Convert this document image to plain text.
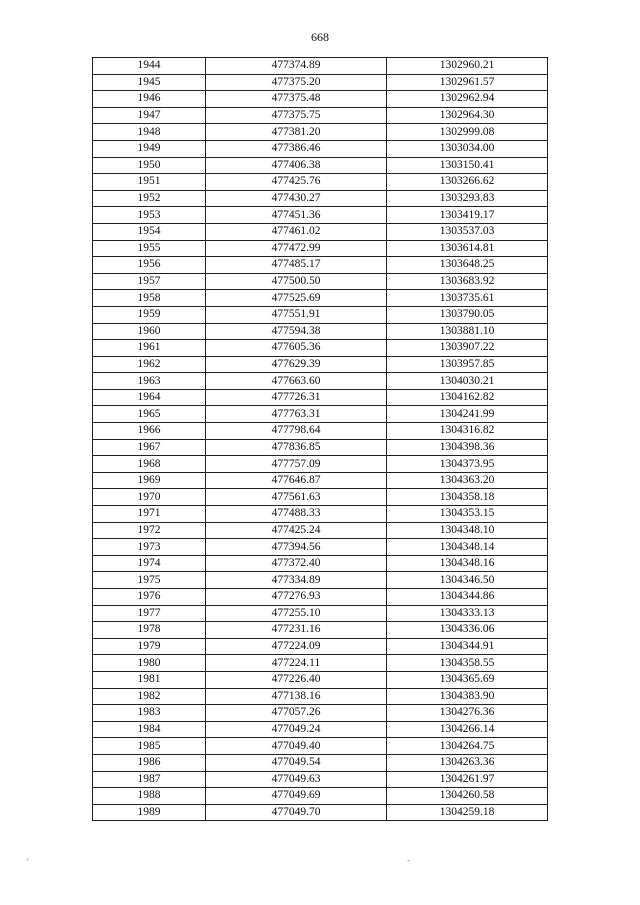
668
1944	477374.89	1302960.21
1945	477375.20	1302961.57
1946	477375.48	1302962.94
1947	477375.75	1302964.30
1948	477381.20	1302999.08
1949	477386.46	1303034.00
1950	477406.38	1303150.41
1951	477425.76	1303266.62
1952	477430.27	1303293.83
1953	477451.36	1303419.17
1954	477461.02	1303537.03
1955	477472.99	1303614.81
1956	477485.17	1303648.25
1957	477500.50	1303683.92
1958	477525.69	1303735.61
1959	477551.91	1303790.05
1960	477594.38	1303881.10
1961	477605.36	1303907.22
1962	477629.39	1303957.85
1963	477663.60	1304030.21
1964	477726.31	1304162.82
1965	477763.31	1304241.99
1966	477798.64	1304316.82
1967	477836.85	1304398.36
1968	477757.09	1304373.95
1969	477646.87	1304363.20
1970	477561.63	1304358.18
1971	477488.33	1304353.15
1972	477425.24	1304348.10
1973	477394.56	1304348.14
1974	477372.40	1304348.16
1975	477334.89	1304346.50
1976	477276.93	1304344.86
1977	477255.10	1304333.13
1978	477231.16	1304336.06
1979	477224.09	1304344.91
1980	477224.11	1304358.55
1981	477226.40	1304365.69
1982	477138.16	1304383.90
1983	477057.26	1304276.36
1984	477049.24	1304266.14
1985	477049.40	1304264.75
1986	477049.54	1304263.36
1987	477049.63	1304261.97
1988	477049.69	1304260.58
1989	477049.70	1304259.18
'	-
